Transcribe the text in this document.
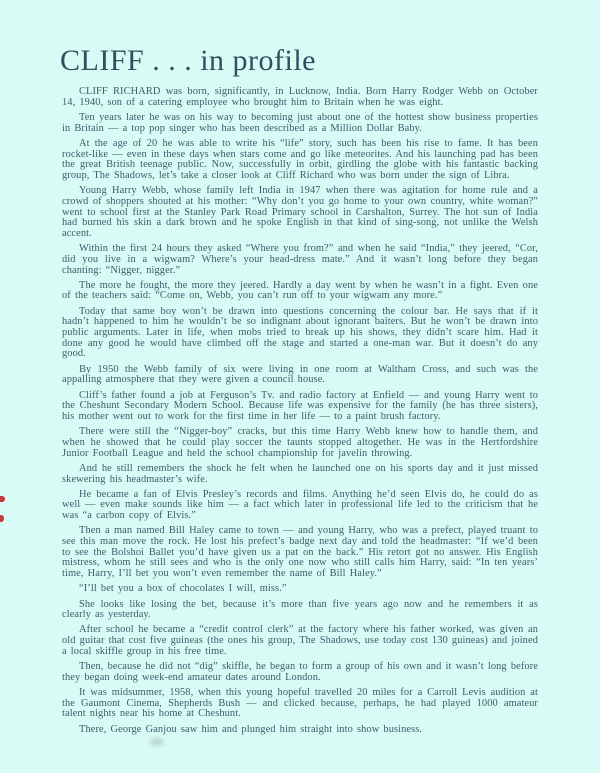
CLIFF . . . in profile

CLIFF RICHARD was born, significantly, in Lucknow, India. Born Harry Rodger Webb on October 14, 1940, son of a catering employee who brought him to Britain when he was eight.

Ten years later he was on his way to becoming just about one of the hottest show business properties in Britain — a top pop singer who has been described as a Million Dollar Baby.

At the age of 20 he was able to write his “life” story, such has been his rise to fame. It has been rocket-like — even in these days when stars come and go like meteorites. And his launching pad has been the great British teenage public. Now, successfully in orbit, girdling the globe with his fantastic backing group, The Shadows, let’s take a closer look at Cliff Richard who was born under the sign of Libra.

Young Harry Webb, whose family left India in 1947 when there was agitation for home rule and a crowd of shoppers shouted at his mother: “Why don’t you go home to your own country, white woman?” went to school first at the Stanley Park Road Primary school in Carshalton, Surrey. The hot sun of India had burned his skin a dark brown and he spoke English in that kind of sing-song, not unlike the Welsh accent.

Within the first 24 hours they asked “Where you from?” and when he said “India,” they jeered, “Cor, did you live in a wigwam? Where’s your head-dress mate.” And it wasn’t long before they began chanting: “Nigger, nigger.”

The more he fought, the more they jeered. Hardly a day went by when he wasn’t in a fight. Even one of the teachers said: “Come on, Webb, you can’t run off to your wigwam any more.”

Today that same boy won’t be drawn into questions concerning the colour bar. He says that if it hadn’t happened to him he wouldn’t be so indignant about ignorant baiters. But he won’t be drawn into public arguments. Later in life, when mobs tried to break up his shows, they didn’t scare him. Had it done any good he would have climbed off the stage and started a one-man war. But it doesn’t do any good.

By 1950 the Webb family of six were living in one room at Waltham Cross, and such was the appalling atmosphere that they were given a council house.

Cliff’s father found a job at Ferguson’s Tv. and radio factory at Enfield — and young Harry went to the Cheshunt Secondary Modern School. Because life was expensive for the family (he has three sisters), his mother went out to work for the first time in her life — to a paint brush factory.

There were still the “Nigger-boy” cracks, but this time Harry Webb knew how to handle them, and when he showed that he could play soccer the taunts stopped altogether. He was in the Hertfordshire Junior Football League and held the school championship for javelin throwing.

And he still remembers the shock he felt when he launched one on his sports day and it just missed skewering his headmaster’s wife.

He became a fan of Elvis Presley’s records and films. Anything he’d seen Elvis do, he could do as well — even make sounds like him — a fact which later in professional life led to the criticism that he was “a carbon copy of Elvis.”

Then a man named Bill Haley came to town — and young Harry, who was a prefect, played truant to see this man move the rock. He lost his prefect’s badge next day and told the headmaster: “If we’d been to see the Bolshoi Ballet you’d have given us a pat on the back.” His retort got no answer. His English mistress, whom he still sees and who is the only one now who still calls him Harry, said: “In ten years’ time, Harry, I’ll bet you won’t even remember the name of Bill Haley.”

“I’ll bet you a box of chocolates I will, miss.”

She looks like losing the bet, because it’s more than five years ago now and he remembers it as clearly as yesterday.

After school he became a “credit control clerk” at the factory where his father worked, was given an old guitar that cost five guineas (the ones his group, The Shadows, use today cost 130 guineas) and joined a local skiffle group in his free time.

Then, because he did not “dig” skiffle, he began to form a group of his own and it wasn’t long before they began doing week-end amateur dates around London.

It was midsummer, 1958, when this young hopeful travelled 20 miles for a Carroll Levis audition at the Gaumont Cinema, Shepherds Bush — and clicked because, perhaps, he had played 1000 amateur talent nights near his home at Cheshunt.

There, George Ganjou saw him and plunged him straight into show business.
